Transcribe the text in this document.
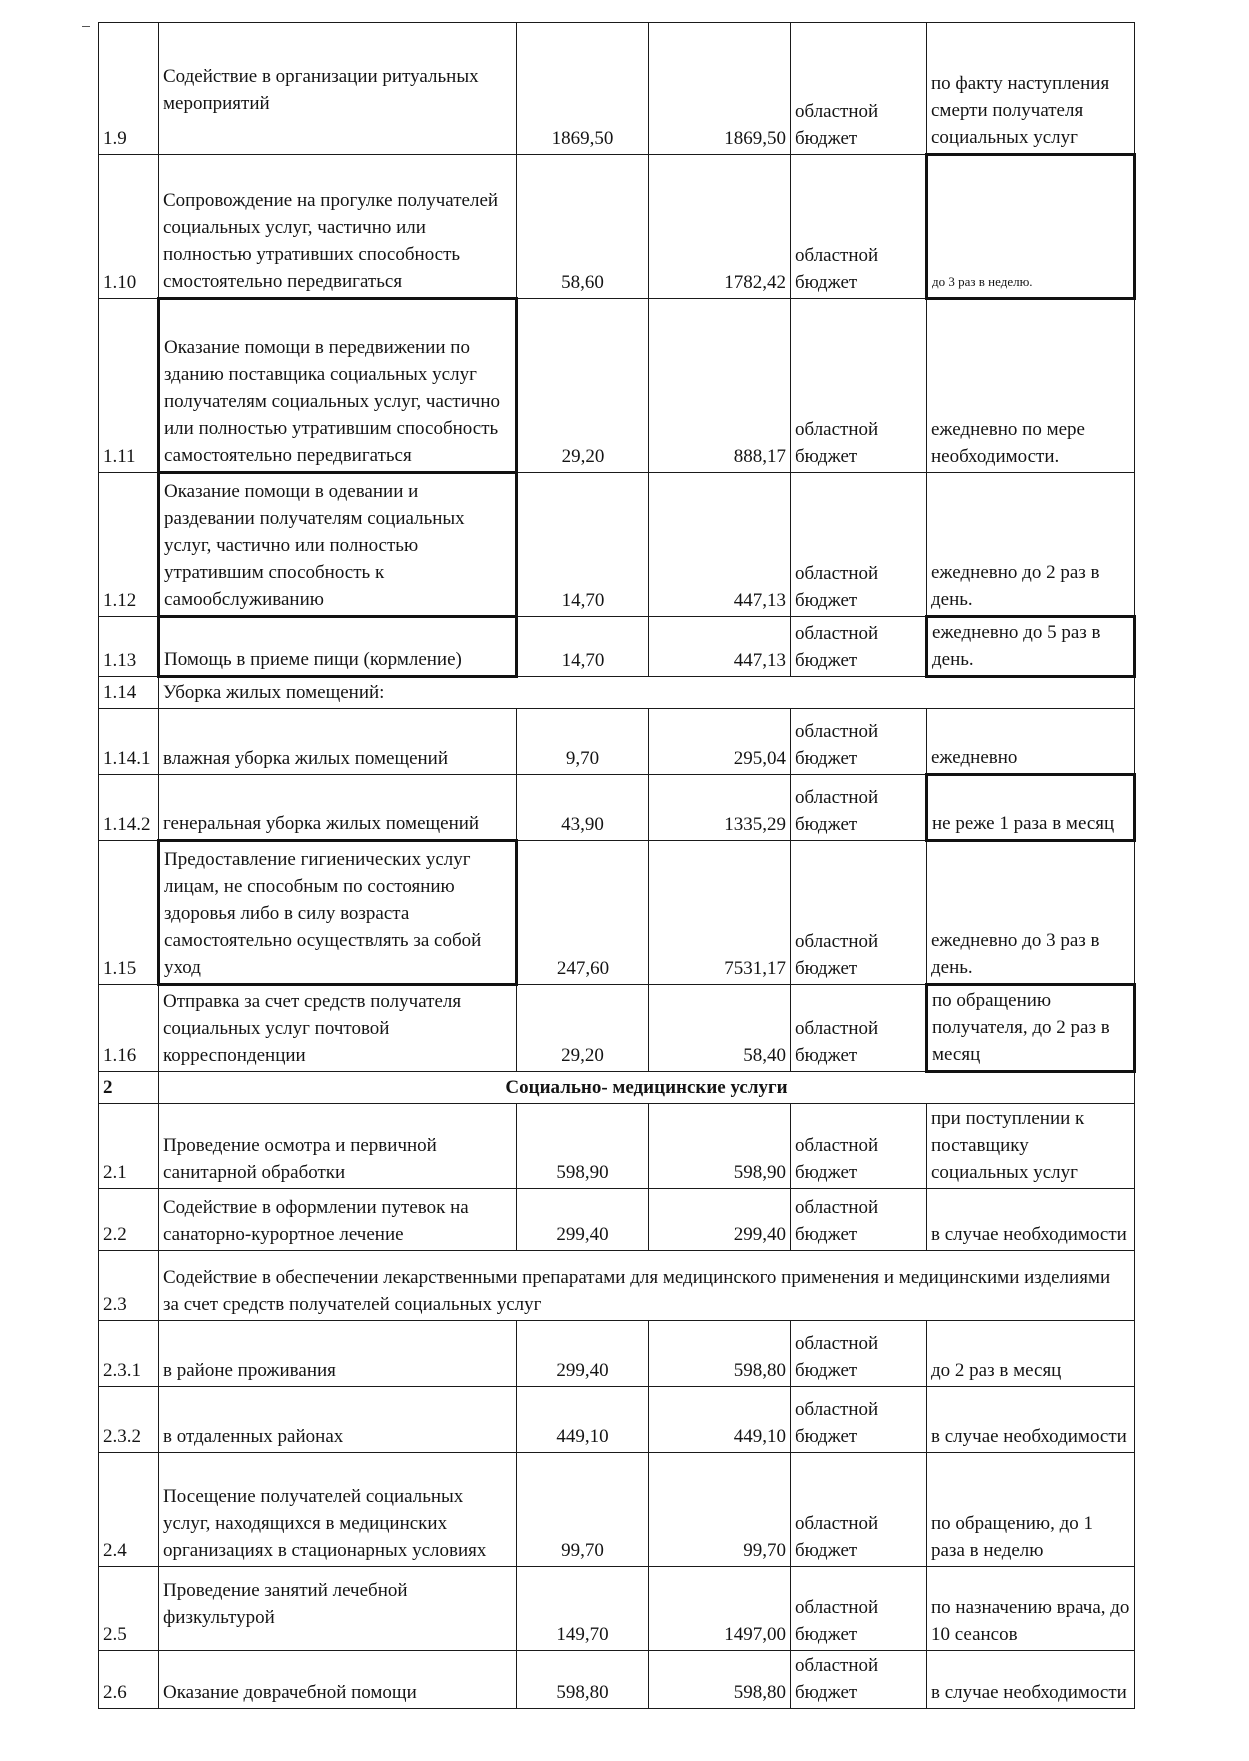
1.9	Содействие в организации ритуальных мероприятий	1869,50	1869,50	областной бюджет	по факту наступления смерти получателя социальных услуг
1.10	Сопровождение на прогулке получателей социальных услуг, частично или полностью утративших способность смостоятельно передвигаться	58,60	1782,42	областной бюджет	до 3 раз в неделю.
1.11	Оказание помощи в передвижении по зданию поставщика социальных услуг получателям социальных услуг, частично или полностью утратившим способность самостоятельно передвигаться	29,20	888,17	областной бюджет	ежедневно по мере необходимости.
1.12	Оказание помощи в одевании и раздевании получателям социальных услуг, частично или полностью утратившим способность к самообслуживанию	14,70	447,13	областной бюджет	ежедневно до 2 раз в день.
1.13	Помощь в приеме пищи (кормление)	14,70	447,13	областной бюджет	ежедневно до 5 раз в день.
1.14	Уборка жилых помещений:				
1.14.1	влажная уборка жилых помещений	9,70	295,04	областной бюджет	ежедневно
1.14.2	генеральная уборка жилых помещений	43,90	1335,29	областной бюджет	не реже 1 раза в месяц
1.15	Предоставление гигиенических услуг лицам, не способным по состоянию здоровья либо в силу возраста самостоятельно осуществлять за собой уход	247,60	7531,17	областной бюджет	ежедневно до 3 раз в день.
1.16	Отправка за счет средств получателя социальных услуг почтовой корреспонденции	29,20	58,40	областной бюджет	по обращению получателя, до 2 раз в месяц
2	Социально- медицинские услуги				
2.1	Проведение осмотра и первичной санитарной обработки	598,90	598,90	областной бюджет	при поступлении к поставщику социальных услуг
2.2	Содействие в оформлении путевок на санаторно-курортное лечение	299,40	299,40	областной бюджет	в случае необходимости
2.3	Содействие в обеспечении лекарственными препаратами для медицинского применения и медицинскими изделиями за счет средств получателей социальных услуг				
2.3.1	в районе проживания	299,40	598,80	областной бюджет	до 2 раз в месяц
2.3.2	в отдаленных районах	449,10	449,10	областной бюджет	в случае необходимости
2.4	Посещение получателей социальных услуг, находящихся в медицинских организациях в стационарных условиях	99,70	99,70	областной бюджет	по обращению, до 1 раза в неделю
2.5	Проведение занятий лечебной физкультурой	149,70	1497,00	областной бюджет	по назначению врача, до 10 сеансов
2.6	Оказание доврачебной помощи	598,80	598,80	областной бюджет	в случае необходимости
